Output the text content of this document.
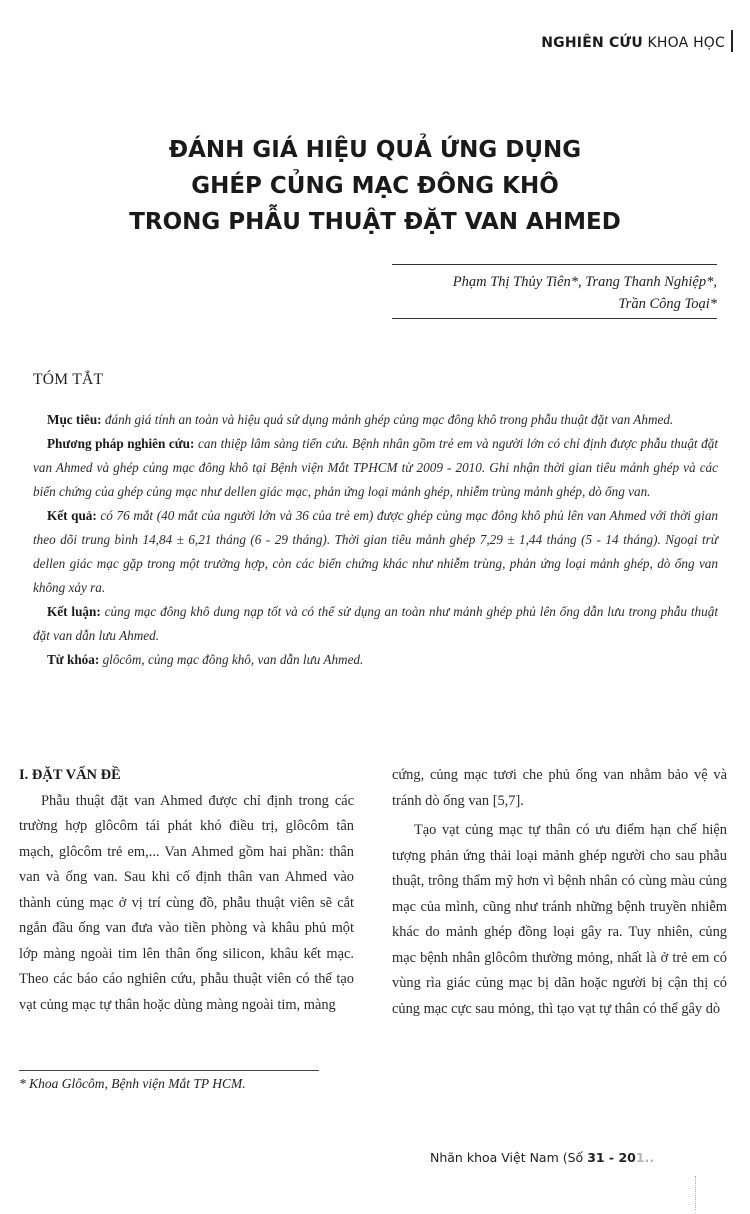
NGHIÊN CỨU KHOA HỌC
ĐÁNH GIÁ HIỆU QUẢ ỨNG DỤNG
GHÉP CỦNG MẠC ĐÔNG KHÔ
TRONG PHẪU THUẬT ĐẶT VAN AHMED
Phạm Thị Thủy Tiên*, Trang Thanh Nghiệp*,
Trần Công Toại*
TÓM TẮT

Mục tiêu: đánh giá tính an toàn và hiệu quả sử dụng mảnh ghép củng mạc đông khô trong phẫu thuật đặt van Ahmed.

Phương pháp nghiên cứu: can thiệp lâm sàng tiến cứu. Bệnh nhân gồm trẻ em và người lớn có chỉ định được phẫu thuật đặt van Ahmed và ghép củng mạc đông khô tại Bệnh viện Mắt TPHCM từ 2009 - 2010. Ghi nhận thời gian tiêu mảnh ghép và các biến chứng của ghép củng mạc như dellen giác mạc, phản ứng loại mảnh ghép, nhiễm trùng mảnh ghép, dò ống van.

Kết quả: có 76 mắt (40 mắt của người lớn và 36 của trẻ em) được ghép củng mạc đông khô phủ lên van Ahmed với thời gian theo dõi trung bình 14,84 ± 6,21 tháng (6 - 29 tháng). Thời gian tiêu mảnh ghép 7,29 ± 1,44 tháng (5 - 14 tháng). Ngoại trừ dellen giác mạc gặp trong một trường hợp, còn các biến chứng khác như nhiễm trùng, phản ứng loại mảnh ghép, dò ống van không xảy ra.

Kết luận: củng mạc đông khô dung nạp tốt và có thể sử dụng an toàn như mảnh ghép phủ lên ống dẫn lưu trong phẫu thuật đặt van dẫn lưu Ahmed.

Từ khóa: glôcôm, củng mạc đông khô, van dẫn lưu Ahmed.

I. ĐẶT VẤN ĐỀ

Phẫu thuật đặt van Ahmed được chỉ định trong các trường hợp glôcôm tái phát khó điều trị, glôcôm tân mạch, glôcôm trẻ em,... Van Ahmed gồm hai phần: thân van và ống van. Sau khi cố định thân van Ahmed vào thành củng mạc ở vị trí cùng đồ, phẫu thuật viên sẽ cắt ngắn đầu ống van đưa vào tiền phòng và khâu phủ một lớp màng ngoài tim lên thân ống silicon, khâu kết mạc. Theo các báo cáo nghiên cứu, phẫu thuật viên có thể tạo vạt củng mạc tự thân hoặc dùng màng ngoài tim, màng

cứng, củng mạc tươi che phủ ống van nhằm bảo vệ và tránh dò ống van [5,7].

Tạo vạt củng mạc tự thân có ưu điểm hạn chế hiện tượng phản ứng thải loại mảnh ghép người cho sau phẫu thuật, trông thẩm mỹ hơn vì bệnh nhân có cùng màu củng mạc của mình, cũng như tránh những bệnh truyền nhiễm khác do mảnh ghép đồng loại gây ra. Tuy nhiên, củng mạc bệnh nhân glôcôm thường mỏng, nhất là ở trẻ em có vùng rìa giác củng mạc bị dãn hoặc người bị cận thị có củng mạc cực sau mỏng, thì tạo vạt tự thân có thể gây dò

* Khoa Glôcôm, Bệnh viện Mắt TP HCM.
Nhãn khoa Việt Nam (Số 31 - 201..
